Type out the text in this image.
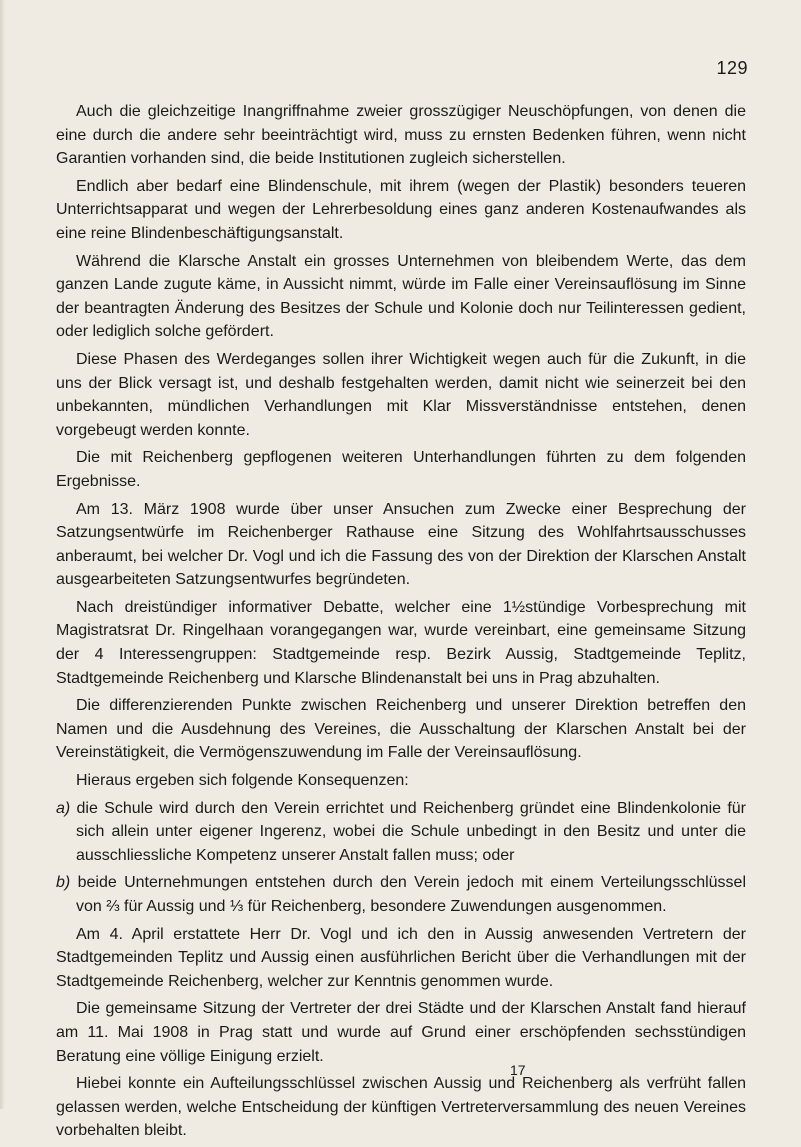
129

Auch die gleichzeitige Inangriffnahme zweier grosszügiger Neuschöpfungen, von denen die eine durch die andere sehr beeinträchtigt wird, muss zu ernsten Bedenken führen, wenn nicht Garantien vorhanden sind, die beide Institutionen zugleich sicherstellen.

Endlich aber bedarf eine Blindenschule, mit ihrem (wegen der Plastik) besonders teueren Unterrichtsapparat und wegen der Lehrerbesoldung eines ganz anderen Kostenaufwandes als eine reine Blindenbeschäftigungsanstalt.

Während die Klarsche Anstalt ein grosses Unternehmen von bleibendem Werte, das dem ganzen Lande zugute käme, in Aussicht nimmt, würde im Falle einer Vereinsauflösung im Sinne der beantragten Änderung des Besitzes der Schule und Kolonie doch nur Teilinteressen gedient, oder lediglich solche gefördert.

Diese Phasen des Werdeganges sollen ihrer Wichtigkeit wegen auch für die Zukunft, in die uns der Blick versagt ist, und deshalb festgehalten werden, damit nicht wie seinerzeit bei den unbekannten, mündlichen Verhandlungen mit Klar Missverständnisse entstehen, denen vorgebeugt werden konnte.

Die mit Reichenberg gepflogenen weiteren Unterhandlungen führten zu dem folgenden Ergebnisse.

Am 13. März 1908 wurde über unser Ansuchen zum Zwecke einer Besprechung der Satzungsentwürfe im Reichenberger Rathause eine Sitzung des Wohlfahrtsausschusses anberaumt, bei welcher Dr. Vogl und ich die Fassung des von der Direktion der Klarschen Anstalt ausgearbeiteten Satzungsentwurfes begründeten.

Nach dreistündiger informativer Debatte, welcher eine 1½stündige Vorbesprechung mit Magistratsrat Dr. Ringelhaan vorangegangen war, wurde vereinbart, eine gemeinsame Sitzung der 4 Interessengruppen: Stadtgemeinde resp. Bezirk Aussig, Stadtgemeinde Teplitz, Stadtgemeinde Reichenberg und Klarsche Blindenanstalt bei uns in Prag abzuhalten.

Die differenzierenden Punkte zwischen Reichenberg und unserer Direktion betreffen den Namen und die Ausdehnung des Vereines, die Ausschaltung der Klarschen Anstalt bei der Vereinstätigkeit, die Vermögenszuwendung im Falle der Vereinsauflösung.

Hieraus ergeben sich folgende Konsequenzen:

a) die Schule wird durch den Verein errichtet und Reichenberg gründet eine Blindenkolonie für sich allein unter eigener Ingerenz, wobei die Schule unbedingt in den Besitz und unter die ausschliessliche Kompetenz unserer Anstalt fallen muss; oder
b) beide Unternehmungen entstehen durch den Verein jedoch mit einem Verteilungsschlüssel von ⅔ für Aussig und ⅓ für Reichenberg, besondere Zuwendungen ausgenommen.

Am 4. April erstattete Herr Dr. Vogl und ich den in Aussig anwesenden Vertretern der Stadtgemeinden Teplitz und Aussig einen ausführlichen Bericht über die Verhandlungen mit der Stadtgemeinde Reichenberg, welcher zur Kenntnis genommen wurde.

Die gemeinsame Sitzung der Vertreter der drei Städte und der Klarschen Anstalt fand hierauf am 11. Mai 1908 in Prag statt und wurde auf Grund einer erschöpfenden sechsstündigen Beratung eine völlige Einigung erzielt.

Hiebei konnte ein Aufteilungsschlüssel zwischen Aussig und Reichenberg als verfrüht fallen gelassen werden, welche Entscheidung der künftigen Vertreterversammlung des neuen Vereines vorbehalten bleibt.

17
